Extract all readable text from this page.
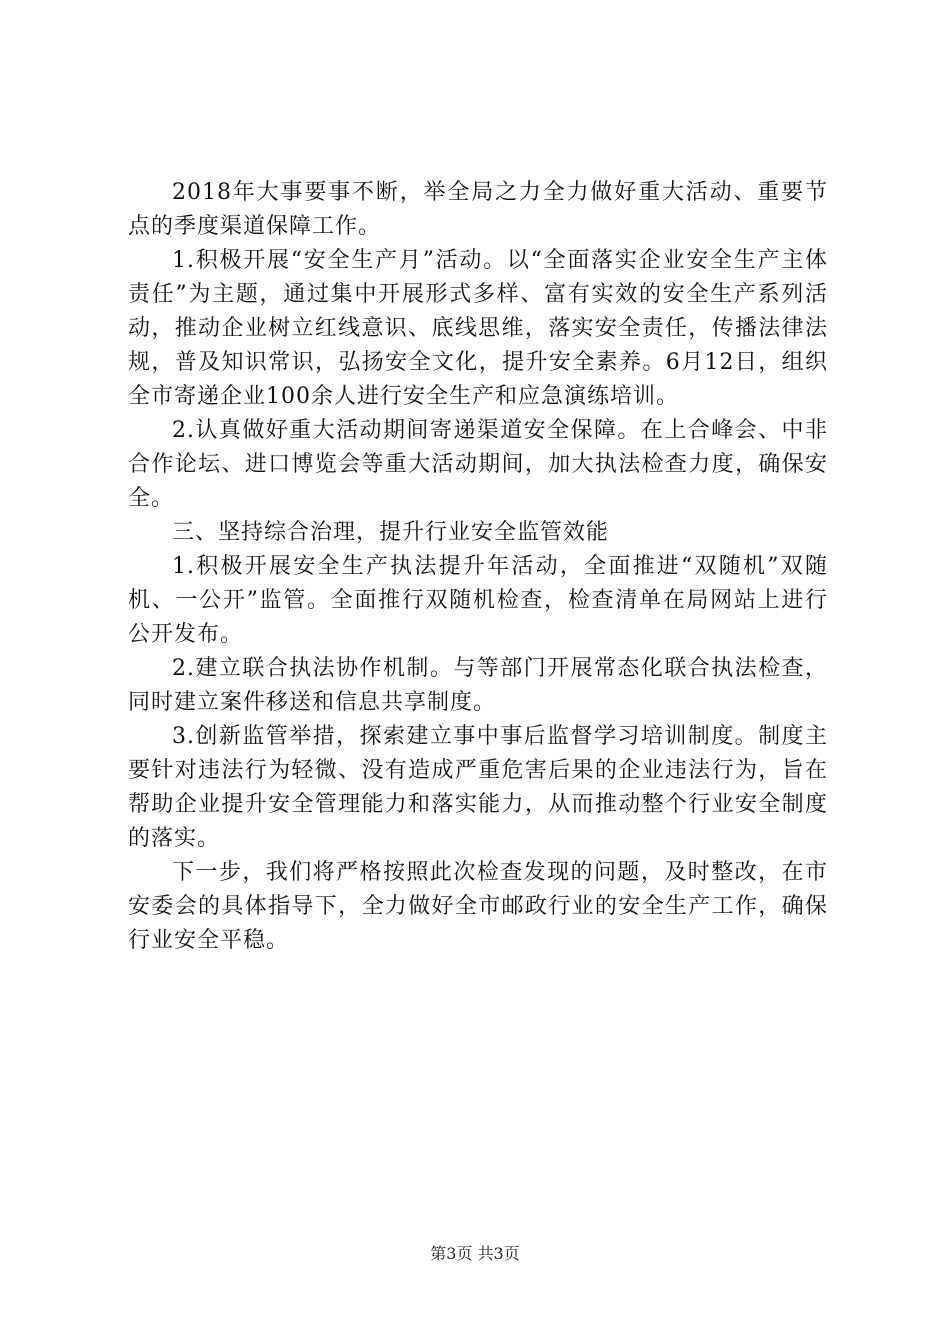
2018年大事要事不断，举全局之力全力做好重大活动、重要节点的季度渠道保障工作。

1.积极开展“安全生产月”活动。以“全面落实企业安全生产主体责任”为主题，通过集中开展形式多样、富有实效的安全生产系列活动，推动企业树立红线意识、底线思维，落实安全责任，传播法律法规，普及知识常识，弘扬安全文化，提升安全素养。6月12日，组织全市寄递企业100余人进行安全生产和应急演练培训。

2.认真做好重大活动期间寄递渠道安全保障。在上合峰会、中非合作论坛、进口博览会等重大活动期间，加大执法检查力度，确保安全。

三、坚持综合治理，提升行业安全监管效能

1.积极开展安全生产执法提升年活动，全面推进“双随机”双随机、一公开”监管。全面推行双随机检查，检查清单在局网站上进行公开发布。

2.建立联合执法协作机制。与等部门开展常态化联合执法检查，同时建立案件移送和信息共享制度。

3.创新监管举措，探索建立事中事后监督学习培训制度。制度主要针对违法行为轻微、没有造成严重危害后果的企业违法行为，旨在帮助企业提升安全管理能力和落实能力，从而推动整个行业安全制度的落实。

下一步，我们将严格按照此次检查发现的问题，及时整改，在市安委会的具体指导下，全力做好全市邮政行业的安全生产工作，确保行业安全平稳。

第3页 共3页
